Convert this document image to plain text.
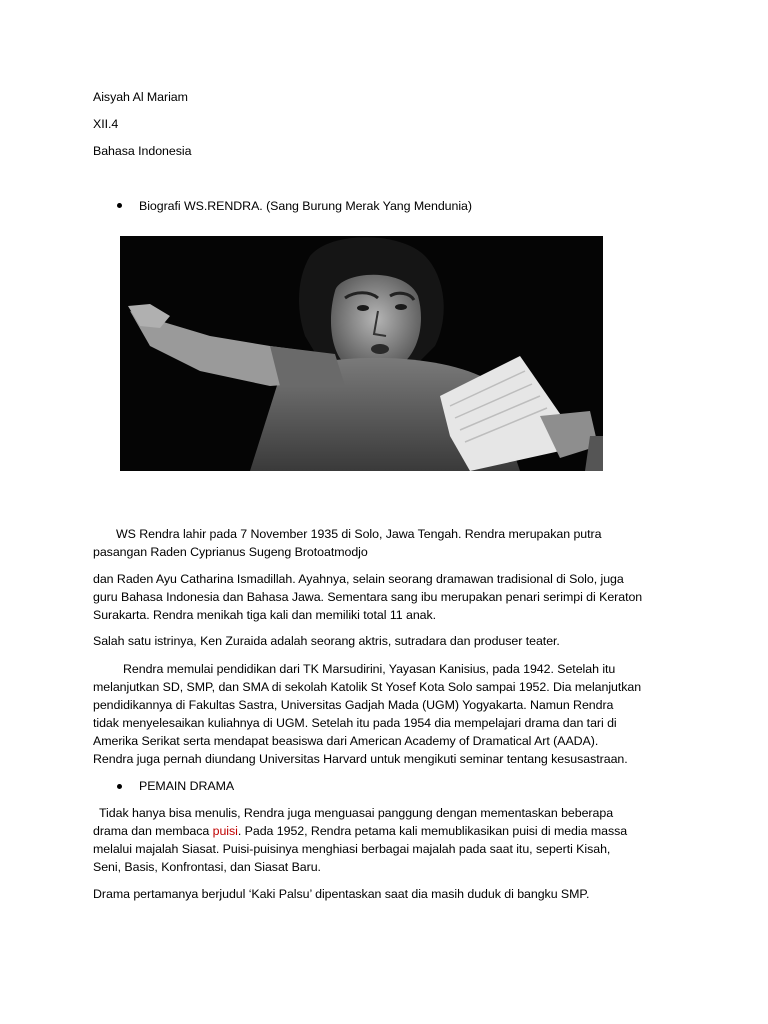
Aisyah Al Mariam
XII.4
Bahasa Indonesia
Biografi WS.RENDRA. (Sang Burung Merak Yang Mendunia)
WS Rendra lahir pada 7 November 1935 di Solo, Jawa Tengah. Rendra merupakan putra
pasangan Raden Cyprianus Sugeng Brotoatmodjo
dan Raden Ayu Catharina Ismadillah. Ayahnya, selain seorang dramawan tradisional di Solo, juga
guru Bahasa Indonesia dan Bahasa Jawa. Sementara sang ibu merupakan penari serimpi di Keraton
Surakarta. Rendra menikah tiga kali dan memiliki total 11 anak.
Salah satu istrinya, Ken Zuraida adalah seorang aktris, sutradara dan produser teater.
Rendra memulai pendidikan dari TK Marsudirini, Yayasan Kanisius, pada 1942. Setelah itu
melanjutkan SD, SMP, dan SMA di sekolah Katolik St Yosef Kota Solo sampai 1952. Dia melanjutkan
pendidikannya di Fakultas Sastra, Universitas Gadjah Mada (UGM) Yogyakarta. Namun Rendra
tidak menyelesaikan kuliahnya di UGM. Setelah itu pada 1954 dia mempelajari drama dan tari di
Amerika Serikat serta mendapat beasiswa dari American Academy of Dramatical Art (AADA).
Rendra juga pernah diundang Universitas Harvard untuk mengikuti seminar tentang kesusastraan.
PEMAIN DRAMA
Tidak hanya bisa menulis, Rendra juga menguasai panggung dengan mementaskan beberapa
drama dan membaca puisi. Pada 1952, Rendra petama kali memublikasikan puisi di media massa
melalui majalah Siasat. Puisi-puisinya menghiasi berbagai majalah pada saat itu, seperti Kisah,
Seni, Basis, Konfrontasi, dan Siasat Baru.
Drama pertamanya berjudul ‘Kaki Palsu’ dipentaskan saat dia masih duduk di bangku SMP.
